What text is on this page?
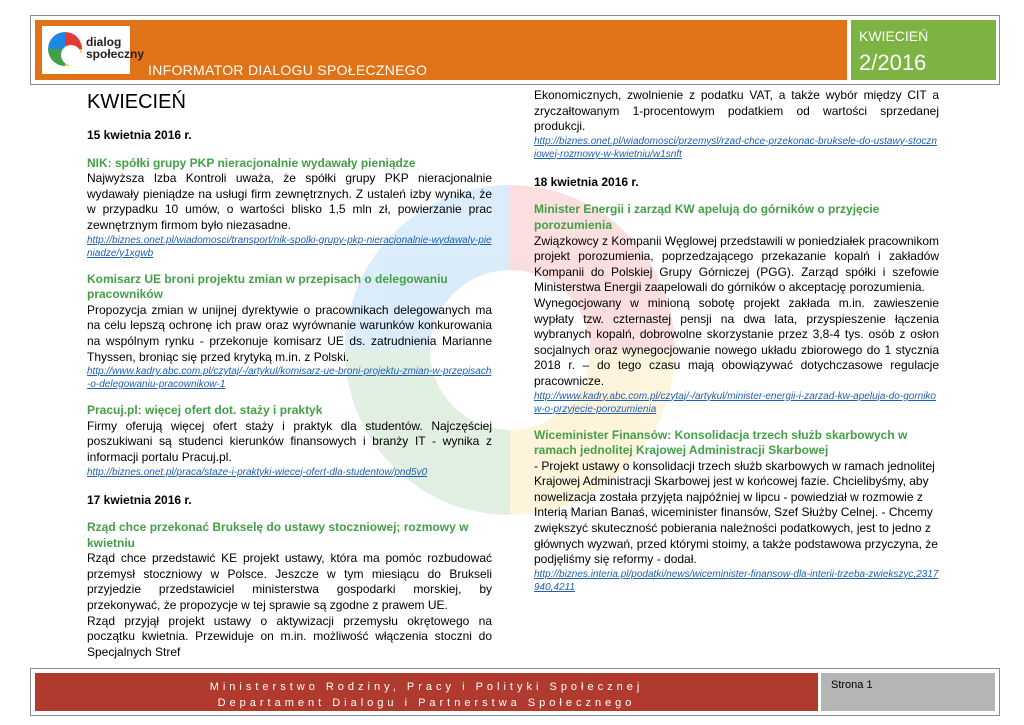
dialog
społeczny
INFORMATOR DIALOGU SPOŁECZNEGO
KWIECIEŃ
2/2016
KWIECIEŃ
15 kwietnia 2016 r.
NIK: spółki grupy PKP nieracjonalnie wydawały pieniądze
Najwyższa Izba Kontroli uważa, że spółki grupy PKP nieracjonalnie wydawały pieniądze na usługi firm zewnętrznych. Z ustaleń izby wynika, że w przypadku 10 umów, o wartości blisko 1,5 mln zł, powierzanie prac zewnętrznym firmom było niezasadne.
http://biznes.onet.pl/wiadomosci/transport/nik-spolki-grupy-pkp-nieracjonalnie-wydawaly-pieniadze/y1xgwb
Komisarz UE broni projektu zmian w przepisach o delegowaniu pracowników
Propozycja zmian w unijnej dyrektywie o pracownikach delegowanych ma na celu lepszą ochronę ich praw oraz wyrównanie warunków konkurowania na wspólnym rynku - przekonuje komisarz UE ds. zatrudnienia Marianne Thyssen, broniąc się przed krytyką m.in. z Polski.
http://www.kadry.abc.com.pl/czytaj/-/artykul/komisarz-ue-broni-projektu-zmian-w-przepisach-o-delegowaniu-pracownikow-1
Pracuj.pl: więcej ofert dot. staży i praktyk
Firmy oferują więcej ofert staży i praktyk dla studentów. Najczęściej poszukiwani są studenci kierunków finansowych i branży IT - wynika z informacji portalu Pracuj.pl.
http://biznes.onet.pl/praca/staze-i-praktyki-wiecej-ofert-dla-studentow/pnd5v0
17 kwietnia 2016 r.
Rząd chce przekonać Brukselę do ustawy stoczniowej; rozmowy w kwietniu
Rząd chce przedstawić KE projekt ustawy, która ma pomóc rozbudować przemysł stoczniowy w Polsce. Jeszcze w tym miesiącu do Brukseli przyjedzie przedstawiciel ministerstwa gospodarki morskiej, by przekonywać, że propozycje w tej sprawie są zgodne z prawem UE.
Rząd przyjął projekt ustawy o aktywizacji przemysłu okrętowego na początku kwietnia. Przewiduje on m.in. możliwość włączenia stoczni do Specjalnych Stref
Ekonomicznych, zwolnienie z podatku VAT, a także wybór między CIT a zryczałtowanym 1-procentowym podatkiem od wartości sprzedanej produkcji.
http://biznes.onet.pl/wiadomosci/przemysl/rzad-chce-przekonac-bruksele-do-ustawy-stoczniowej-rozmowy-w-kwietniu/w1snft
18 kwietnia 2016 r.
Minister Energii i zarząd KW apelują do górników o przyjęcie porozumienia
Związkowcy z Kompanii Węglowej przedstawili w poniedziałek pracownikom projekt porozumienia, poprzedzającego przekazanie kopalń i zakładów Kompanii do Polskiej Grupy Górniczej (PGG). Zarząd spółki i szefowie Ministerstwa Energii zaapelowali do górników o akceptację porozumienia.
Wynegocjowany w minioną sobotę projekt zakłada m.in. zawieszenie wypłaty tzw. czternastej pensji na dwa lata, przyspieszenie łączenia wybranych kopalń, dobrowolne skorzystanie przez 3,8-4 tys. osób z osłon socjalnych oraz wynegocjowanie nowego układu zbiorowego do 1 stycznia 2018 r. – do tego czasu mają obowiązywać dotychczasowe regulacje pracownicze.
http://www.kadry.abc.com.pl/czytaj/-/artykul/minister-energii-i-zarzad-kw-apeluja-do-gornikow-o-przyjecie-porozumienia
Wiceminister Finansów: Konsolidacja trzech służb skarbowych w ramach jednolitej Krajowej Administracji Skarbowej
- Projekt ustawy o konsolidacji trzech służb skarbowych w ramach jednolitej Krajowej Administracji Skarbowej jest w końcowej fazie. Chcielibyśmy, aby nowelizacja została przyjęta najpóźniej w lipcu - powiedział w rozmowie z Interią Marian Banaś, wiceminister finansów, Szef Służby Celnej. - Chcemy zwiększyć skuteczność pobierania należności podatkowych, jest to jedno z głównych wyzwań, przed którymi stoimy, a także podstawowa przyczyna, że podjęliśmy się reformy - dodał.
http://biznes.interia.pl/podatki/news/wiceminister-finansow-dla-interii-trzeba-zwiekszyc,2317940,4211
Ministerstwo Rodziny, Pracy i Polityki Społecznej
Departament Dialogu i Partnerstwa Społecznego
Strona 1
